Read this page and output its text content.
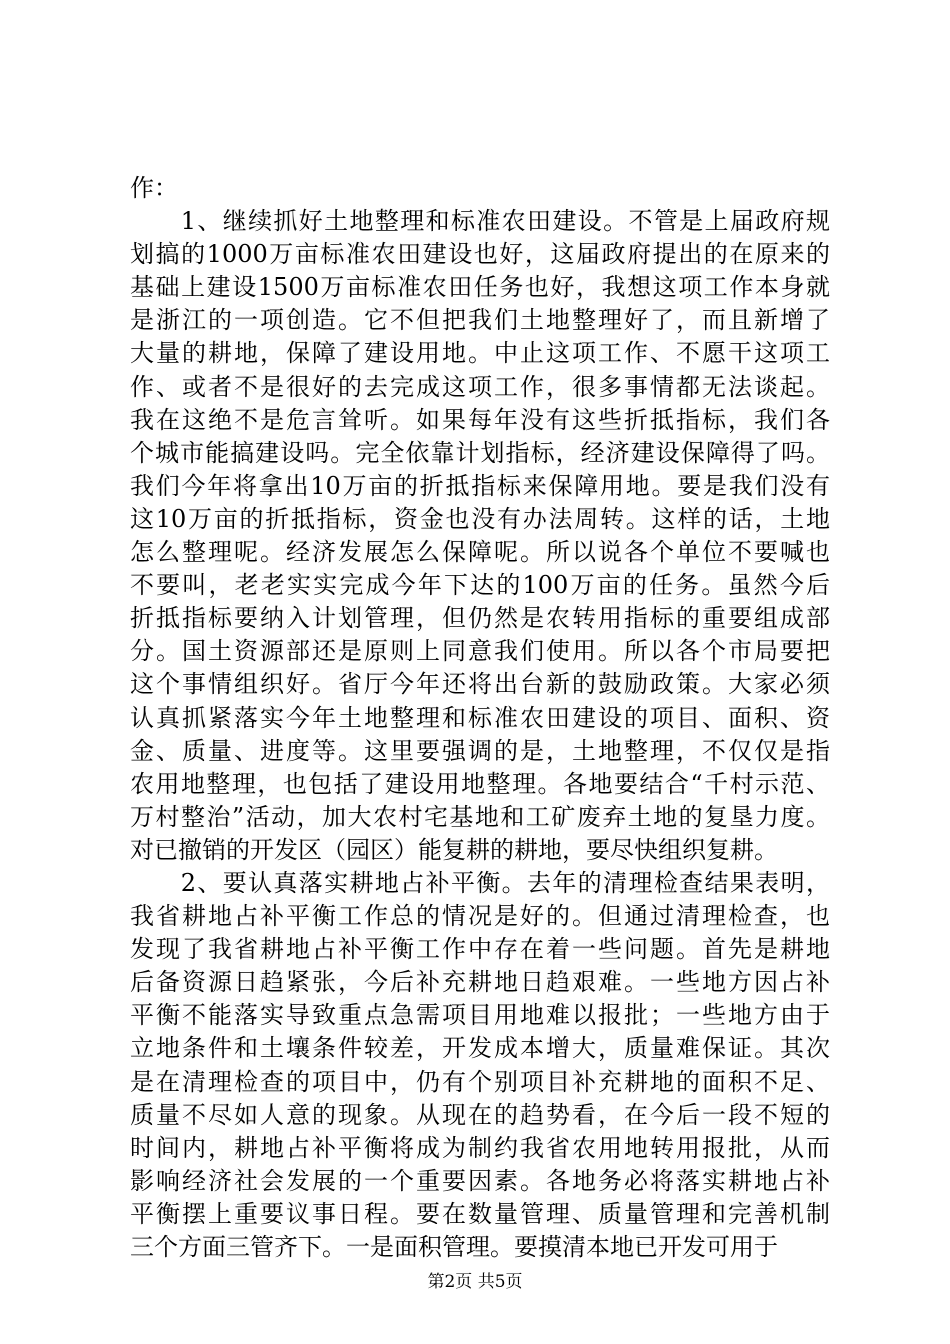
作：
　　1、继续抓好土地整理和标准农田建设。不管是上届政府规
划搞的1000万亩标准农田建设也好，这届政府提出的在原来的
基础上建设1500万亩标准农田任务也好，我想这项工作本身就
是浙江的一项创造。它不但把我们土地整理好了，而且新增了
大量的耕地，保障了建设用地。中止这项工作、不愿干这项工
作、或者不是很好的去完成这项工作，很多事情都无法谈起。
我在这绝不是危言耸听。如果每年没有这些折抵指标，我们各
个城市能搞建设吗。完全依靠计划指标，经济建设保障得了吗。
我们今年将拿出10万亩的折抵指标来保障用地。要是我们没有
这10万亩的折抵指标，资金也没有办法周转。这样的话，土地
怎么整理呢。经济发展怎么保障呢。所以说各个单位不要喊也
不要叫，老老实实完成今年下达的100万亩的任务。虽然今后
折抵指标要纳入计划管理，但仍然是农转用指标的重要组成部
分。国土资源部还是原则上同意我们使用。所以各个市局要把
这个事情组织好。省厅今年还将出台新的鼓励政策。大家必须
认真抓紧落实今年土地整理和标准农田建设的项目、面积、资
金、质量、进度等。这里要强调的是，土地整理，不仅仅是指
农用地整理，也包括了建设用地整理。各地要结合“千村示范、
万村整治”活动，加大农村宅基地和工矿废弃土地的复垦力度。
对已撤销的开发区（园区）能复耕的耕地，要尽快组织复耕。
　　2、要认真落实耕地占补平衡。去年的清理检查结果表明，
我省耕地占补平衡工作总的情况是好的。但通过清理检查，也
发现了我省耕地占补平衡工作中存在着一些问题。首先是耕地
后备资源日趋紧张，今后补充耕地日趋艰难。一些地方因占补
平衡不能落实导致重点急需项目用地难以报批；一些地方由于
立地条件和土壤条件较差，开发成本增大，质量难保证。其次
是在清理检查的项目中，仍有个别项目补充耕地的面积不足、
质量不尽如人意的现象。从现在的趋势看，在今后一段不短的
时间内，耕地占补平衡将成为制约我省农用地转用报批，从而
影响经济社会发展的一个重要因素。各地务必将落实耕地占补
平衡摆上重要议事日程。要在数量管理、质量管理和完善机制
三个方面三管齐下。一是面积管理。要摸清本地已开发可用于
第2页 共5页
